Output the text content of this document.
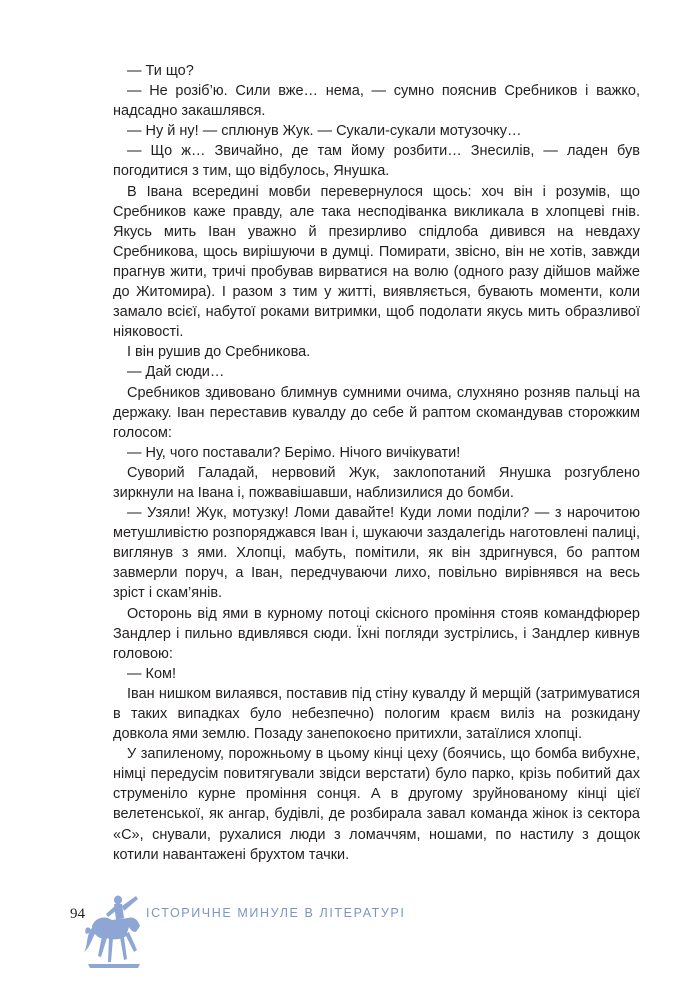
— Ти що?

— Не розіб’ю. Сили вже… нема, — сумно пояснив Сребников і важко, надсадно закашлявся.

— Ну й ну! — сплюнув Жук. — Сукали-сукали мотузочку…

— Що ж… Звичайно, де там йому розбити… Знесилів, — ладен був погодитися з тим, що відбулось, Янушка.

В Івана всередині мовби перевернулося щось: хоч він і розумів, що Сребников каже правду, але така несподіванка викликала в хлопцеві гнів. Якусь мить Іван уважно й презирливо спідлоба дивився на невдаху Сребникова, щось вирішуючи в думці. Помирати, звісно, він не хотів, завжди прагнув жити, тричі пробував вирватися на волю (одного разу дійшов майже до Житомира). І разом з тим у житті, виявляється, бувають моменти, коли замало всієї, набутої роками витримки, щоб подолати якусь мить образливої ніяковості.

І він рушив до Сребникова.

— Дай сюди…

Сребников здивовано блимнув сумними очима, слухняно розняв пальці на держаку. Іван переставив кувалду до себе й раптом скомандував сторожким голосом:

— Ну, чого поставали? Берімо. Нічого вичікувати!

Суворий Галадай, нервовий Жук, заклопотаний Янушка розгублено зиркнули на Івана і, пожвавішавши, наблизилися до бомби.

— Узяли! Жук, мотузку! Ломи давайте! Куди ломи поділи? — з нарочитою метушливістю розпоряджався Іван і, шукаючи заздалегідь наготовлені палиці, виглянув з ями. Хлопці, мабуть, помітили, як він здригнувся, бо раптом завмерли поруч, а Іван, передчуваючи лихо, повільно вирівнявся на весь зріст і скам’янів.

Осторонь від ями в курному потоці скісного проміння стояв командфюрер Зандлер і пильно вдивлявся сюди. Їхні погляди зустрілись, і Зандлер кивнув головою:

— Ком!

Іван нишком вилаявся, поставив під стіну кувалду й мерщій (затримуватися в таких випадках було небезпечно) пологим краєм виліз на розкидану довкола ями землю. Позаду занепокоєно притихли, затаїлися хлопці.

У запиленому, порожньому в цьому кінці цеху (боячись, що бомба вибухне, німці передусім повитягували звідси верстати) було парко, крізь побитий дах струменіло курне проміння сонця. А в другому зруйнованому кінці цієї велетенської, як ангар, будівлі, де розбирала завал команда жінок із сектора «С», снували, рухалися люди з ломаччям, ношами, по настилу з дощок котили навантажені брухтом тачки.

94	ІСТОРИЧНЕ МИНУЛЕ В ЛІТЕРАТУРІ
